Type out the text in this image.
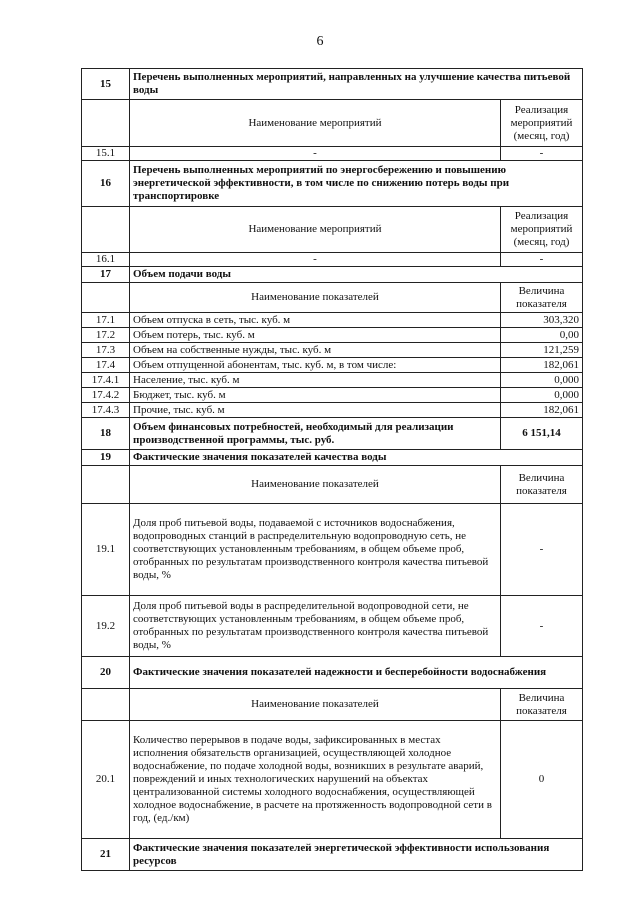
6
15	Перечень выполненных мероприятий, направленных на улучшение качества питьевой воды	
	Наименование мероприятий	Реализация мероприятий (месяц, год)
15.1	-	-
16	Перечень выполненных мероприятий по энергосбережению и повышению энергетической эффективности, в том числе по снижению потерь воды при транспортировке	
	Наименование мероприятий	Реализация мероприятий (месяц, год)
16.1	-	-
17	Объем подачи воды	
	Наименование показателей	Величина показателя
17.1	Объем отпуска в сеть, тыс. куб. м	303,320
17.2	Объем потерь, тыс. куб. м	0,00
17.3	Объем на собственные нужды, тыс. куб. м	121,259
17.4	Объем отпущенной абонентам, тыс. куб. м, в том числе:	182,061
17.4.1	Население, тыс. куб. м	0,000
17.4.2	Бюджет, тыс. куб. м	0,000
17.4.3	Прочие, тыс. куб. м	182,061
18	Объем финансовых потребностей, необходимый для реализации производственной программы, тыс. руб.	6 151,14
19	Фактические значения показателей качества воды	
	Наименование показателей	Величина показателя
19.1	Доля проб питьевой воды, подаваемой с источников водоснабжения, водопроводных станций в распределительную водопроводную сеть, не соответствующих установленным требованиям, в общем объеме проб, отобранных по результатам производственного контроля качества питьевой воды, %	-
19.2	Доля проб питьевой воды в распределительной водопроводной сети, не соответствующих установленным требованиям, в общем объеме проб, отобранных по результатам производственного контроля качества питьевой воды, %	-
20	Фактические значения показателей надежности и бесперебойности водоснабжения	
	Наименование показателей	Величина показателя
20.1	Количество перерывов в подаче воды, зафиксированных в местах исполнения обязательств организацией, осуществляющей холодное водоснабжение, по подаче холодной воды, возникших в результате аварий, повреждений и иных технологических нарушений на объектах централизованной системы холодного водоснабжения, осуществляющей холодное водоснабжение, в расчете на протяженность водопроводной сети в год, (ед./км)	0
21	Фактические значения показателей энергетической эффективности использования ресурсов	
